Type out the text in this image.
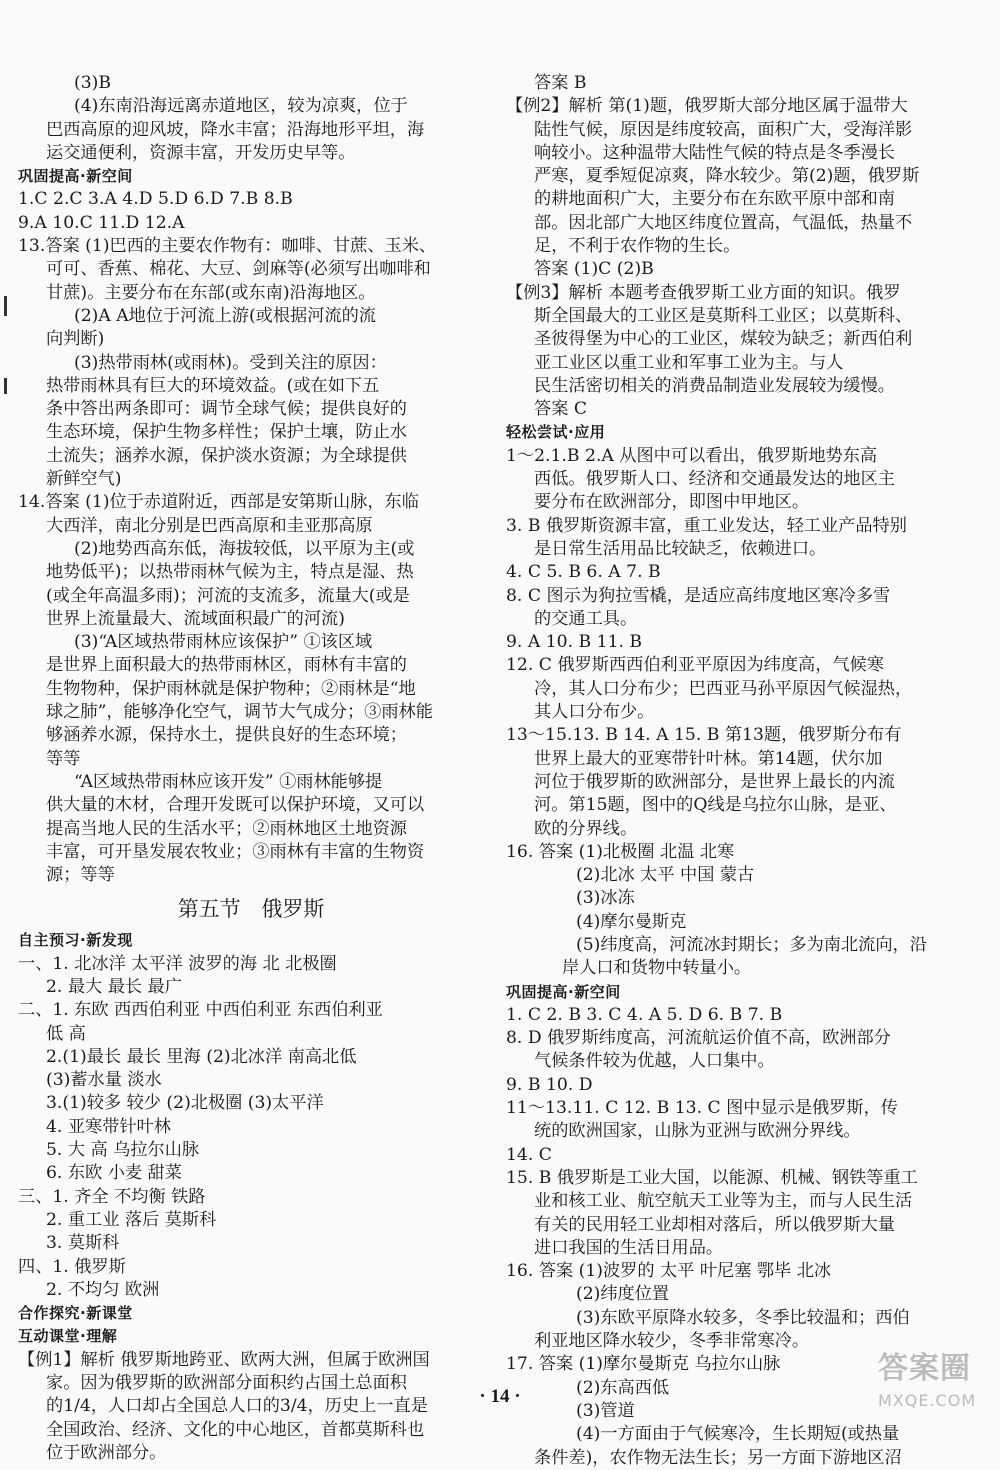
(3)B
(4)东南沿海远离赤道地区，较为凉爽，位于
巴西高原的迎风坡，降水丰富；沿海地形平坦，海
运交通便利，资源丰富，开发历史早等。
巩固提高·新空间
1.C 2.C 3.A 4.D 5.D 6.D 7.B 8.B
9.A 10.C 11.D 12.A
13.答案 (1)巴西的主要农作物有：咖啡、甘蔗、玉米、
可可、香蕉、棉花、大豆、剑麻等(必须写出咖啡和
甘蔗)。主要分布在东部(或东南)沿海地区。
(2)A A地位于河流上游(或根据河流的流
向判断)
(3)热带雨林(或雨林)。受到关注的原因：
热带雨林具有巨大的环境效益。(或在如下五
条中答出两条即可：调节全球气候；提供良好的
生态环境，保护生物多样性；保护土壤，防止水
土流失；涵养水源，保护淡水资源；为全球提供
新鲜空气)
14.答案 (1)位于赤道附近，西部是安第斯山脉，东临
大西洋，南北分别是巴西高原和圭亚那高原
(2)地势西高东低，海拔较低，以平原为主(或
地势低平)；以热带雨林气候为主，特点是湿、热
(或全年高温多雨)；河流的支流多，流量大(或是
世界上流量最大、流域面积最广的河流)
(3)“A区域热带雨林应该保护” ①该区域
是世界上面积最大的热带雨林区，雨林有丰富的
生物物种，保护雨林就是保护物种；②雨林是“地
球之肺”，能够净化空气，调节大气成分；③雨林能
够涵养水源，保持水土，提供良好的生态环境；
等等
“A区域热带雨林应该开发” ①雨林能够提
供大量的木材，合理开发既可以保护环境，又可以
提高当地人民的生活水平；②雨林地区土地资源
丰富，可开垦发展农牧业；③雨林有丰富的生物资
源；等等
第五节 俄罗斯
自主预习·新发现
一、1. 北冰洋 太平洋 波罗的海 北 北极圈
2. 最大 最长 最广
二、1. 东欧 西西伯利亚 中西伯利亚 东西伯利亚
低 高
2.(1)最长 最长 里海 (2)北冰洋 南高北低
(3)蓄水量 淡水
3.(1)较多 较少 (2)北极圈 (3)太平洋
4. 亚寒带针叶林
5. 大 高 乌拉尔山脉
6. 东欧 小麦 甜菜
三、1. 齐全 不均衡 铁路
2. 重工业 落后 莫斯科
3. 莫斯科
四、1. 俄罗斯
2. 不均匀 欧洲
合作探究·新课堂
互动课堂·理解
【例1】解析 俄罗斯地跨亚、欧两大洲，但属于欧洲国
家。因为俄罗斯的欧洲部分面积约占国土总面积
的1/4，人口却占全国总人口的3/4，历史上一直是
全国政治、经济、文化的中心地区，首都莫斯科也
位于欧洲部分。
答案 B
【例2】解析 第(1)题，俄罗斯大部分地区属于温带大
陆性气候，原因是纬度较高，面积广大，受海洋影
响较小。这种温带大陆性气候的特点是冬季漫长
严寒，夏季短促凉爽，降水较少。第(2)题，俄罗斯
的耕地面积广大，主要分布在东欧平原中部和南
部。因北部广大地区纬度位置高，气温低，热量不
足，不利于农作物的生长。
答案 (1)C (2)B
【例3】解析 本题考查俄罗斯工业方面的知识。俄罗
斯全国最大的工业区是莫斯科工业区；以莫斯科、
圣彼得堡为中心的工业区，煤较为缺乏；新西伯利
亚工业区以重工业和军事工业为主。与人
民生活密切相关的消费品制造业发展较为缓慢。
答案 C
轻松尝试·应用
1～2.1.B 2.A 从图中可以看出，俄罗斯地势东高
西低。俄罗斯人口、经济和交通最发达的地区主
要分布在欧洲部分，即图中甲地区。
3. B 俄罗斯资源丰富，重工业发达，轻工业产品特别
是日常生活用品比较缺乏，依赖进口。
4. C 5. B 6. A 7. B
8. C 图示为狗拉雪橇，是适应高纬度地区寒冷多雪
的交通工具。
9. A 10. B 11. B
12. C 俄罗斯西西伯利亚平原因为纬度高，气候寒
冷，其人口分布少；巴西亚马孙平原因气候湿热，
其人口分布少。
13～15.13. B 14. A 15. B 第13题，俄罗斯分布有
世界上最大的亚寒带针叶林。第14题，伏尔加
河位于俄罗斯的欧洲部分，是世界上最长的内流
河。第15题，图中的Q线是乌拉尔山脉，是亚、
欧的分界线。
16. 答案 (1)北极圈 北温 北寒
(2)北冰 太平 中国 蒙古
(3)冰冻
(4)摩尔曼斯克
(5)纬度高，河流冰封期长；多为南北流向，沿
岸人口和货物中转量小。
巩固提高·新空间
1. C 2. B 3. C 4. A 5. D 6. B 7. B
8. D 俄罗斯纬度高，河流航运价值不高，欧洲部分
气候条件较为优越，人口集中。
9. B 10. D
11～13.11. C 12. B 13. C 图中显示是俄罗斯，传
统的欧洲国家，山脉为亚洲与欧洲分界线。
14. C
15. B 俄罗斯是工业大国，以能源、机械、钢铁等重工
业和核工业、航空航天工业等为主，而与人民生活
有关的民用轻工业却相对落后，所以俄罗斯大量
进口我国的生活日用品。
16. 答案 (1)波罗的 太平 叶尼塞 鄂毕 北冰
(2)纬度位置
(3)东欧平原降水较多，冬季比较温和；西伯
利亚地区降水较少，冬季非常寒冷。
17. 答案 (1)摩尔曼斯克 乌拉尔山脉
(2)东高西低
(3)管道
(4)一方面由于气候寒冷，生长期短(或热量
条件差)，农作物无法生长；另一方面下游地区沼
· 14 ·
答案圈
MXQE.COM
